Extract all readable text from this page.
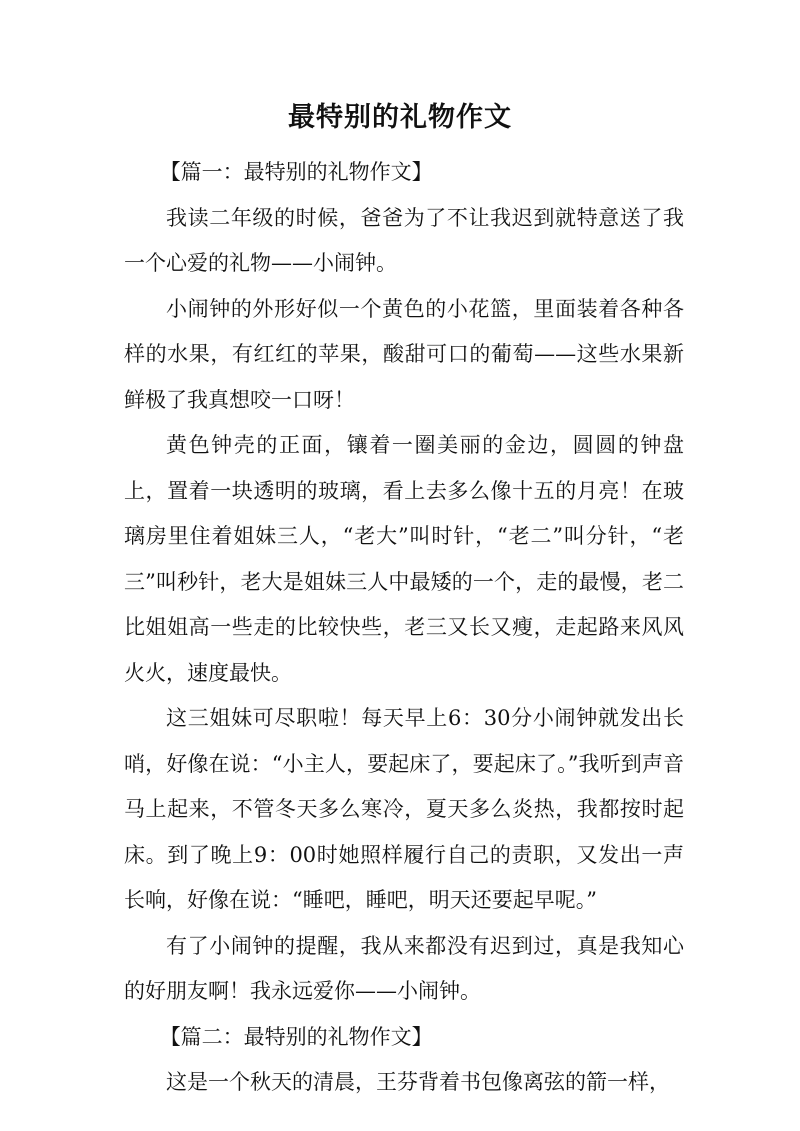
最特别的礼物作文

【篇一：最特别的礼物作文】

我读二年级的时候，爸爸为了不让我迟到就特意送了我一个心爱的礼物——小闹钟。

小闹钟的外形好似一个黄色的小花篮，里面装着各种各样的水果，有红红的苹果，酸甜可口的葡萄——这些水果新鲜极了我真想咬一口呀！

黄色钟壳的正面，镶着一圈美丽的金边，圆圆的钟盘上，置着一块透明的玻璃，看上去多么像十五的月亮！在玻璃房里住着姐妹三人，“老大”叫时针，“老二”叫分针，“老三”叫秒针，老大是姐妹三人中最矮的一个，走的最慢，老二比姐姐高一些走的比较快些，老三又长又瘦，走起路来风风火火，速度最快。

这三姐妹可尽职啦！每天早上6：30分小闹钟就发出长哨，好像在说：“小主人，要起床了，要起床了。”我听到声音马上起来，不管冬天多么寒冷，夏天多么炎热，我都按时起床。到了晚上9：00时她照样履行自己的责职，又发出一声长响，好像在说：“睡吧，睡吧，明天还要起早呢。”

有了小闹钟的提醒，我从来都没有迟到过，真是我知心的好朋友啊！我永远爱你——小闹钟。

【篇二：最特别的礼物作文】

这是一个秋天的清晨，王芬背着书包像离弦的箭一样，
